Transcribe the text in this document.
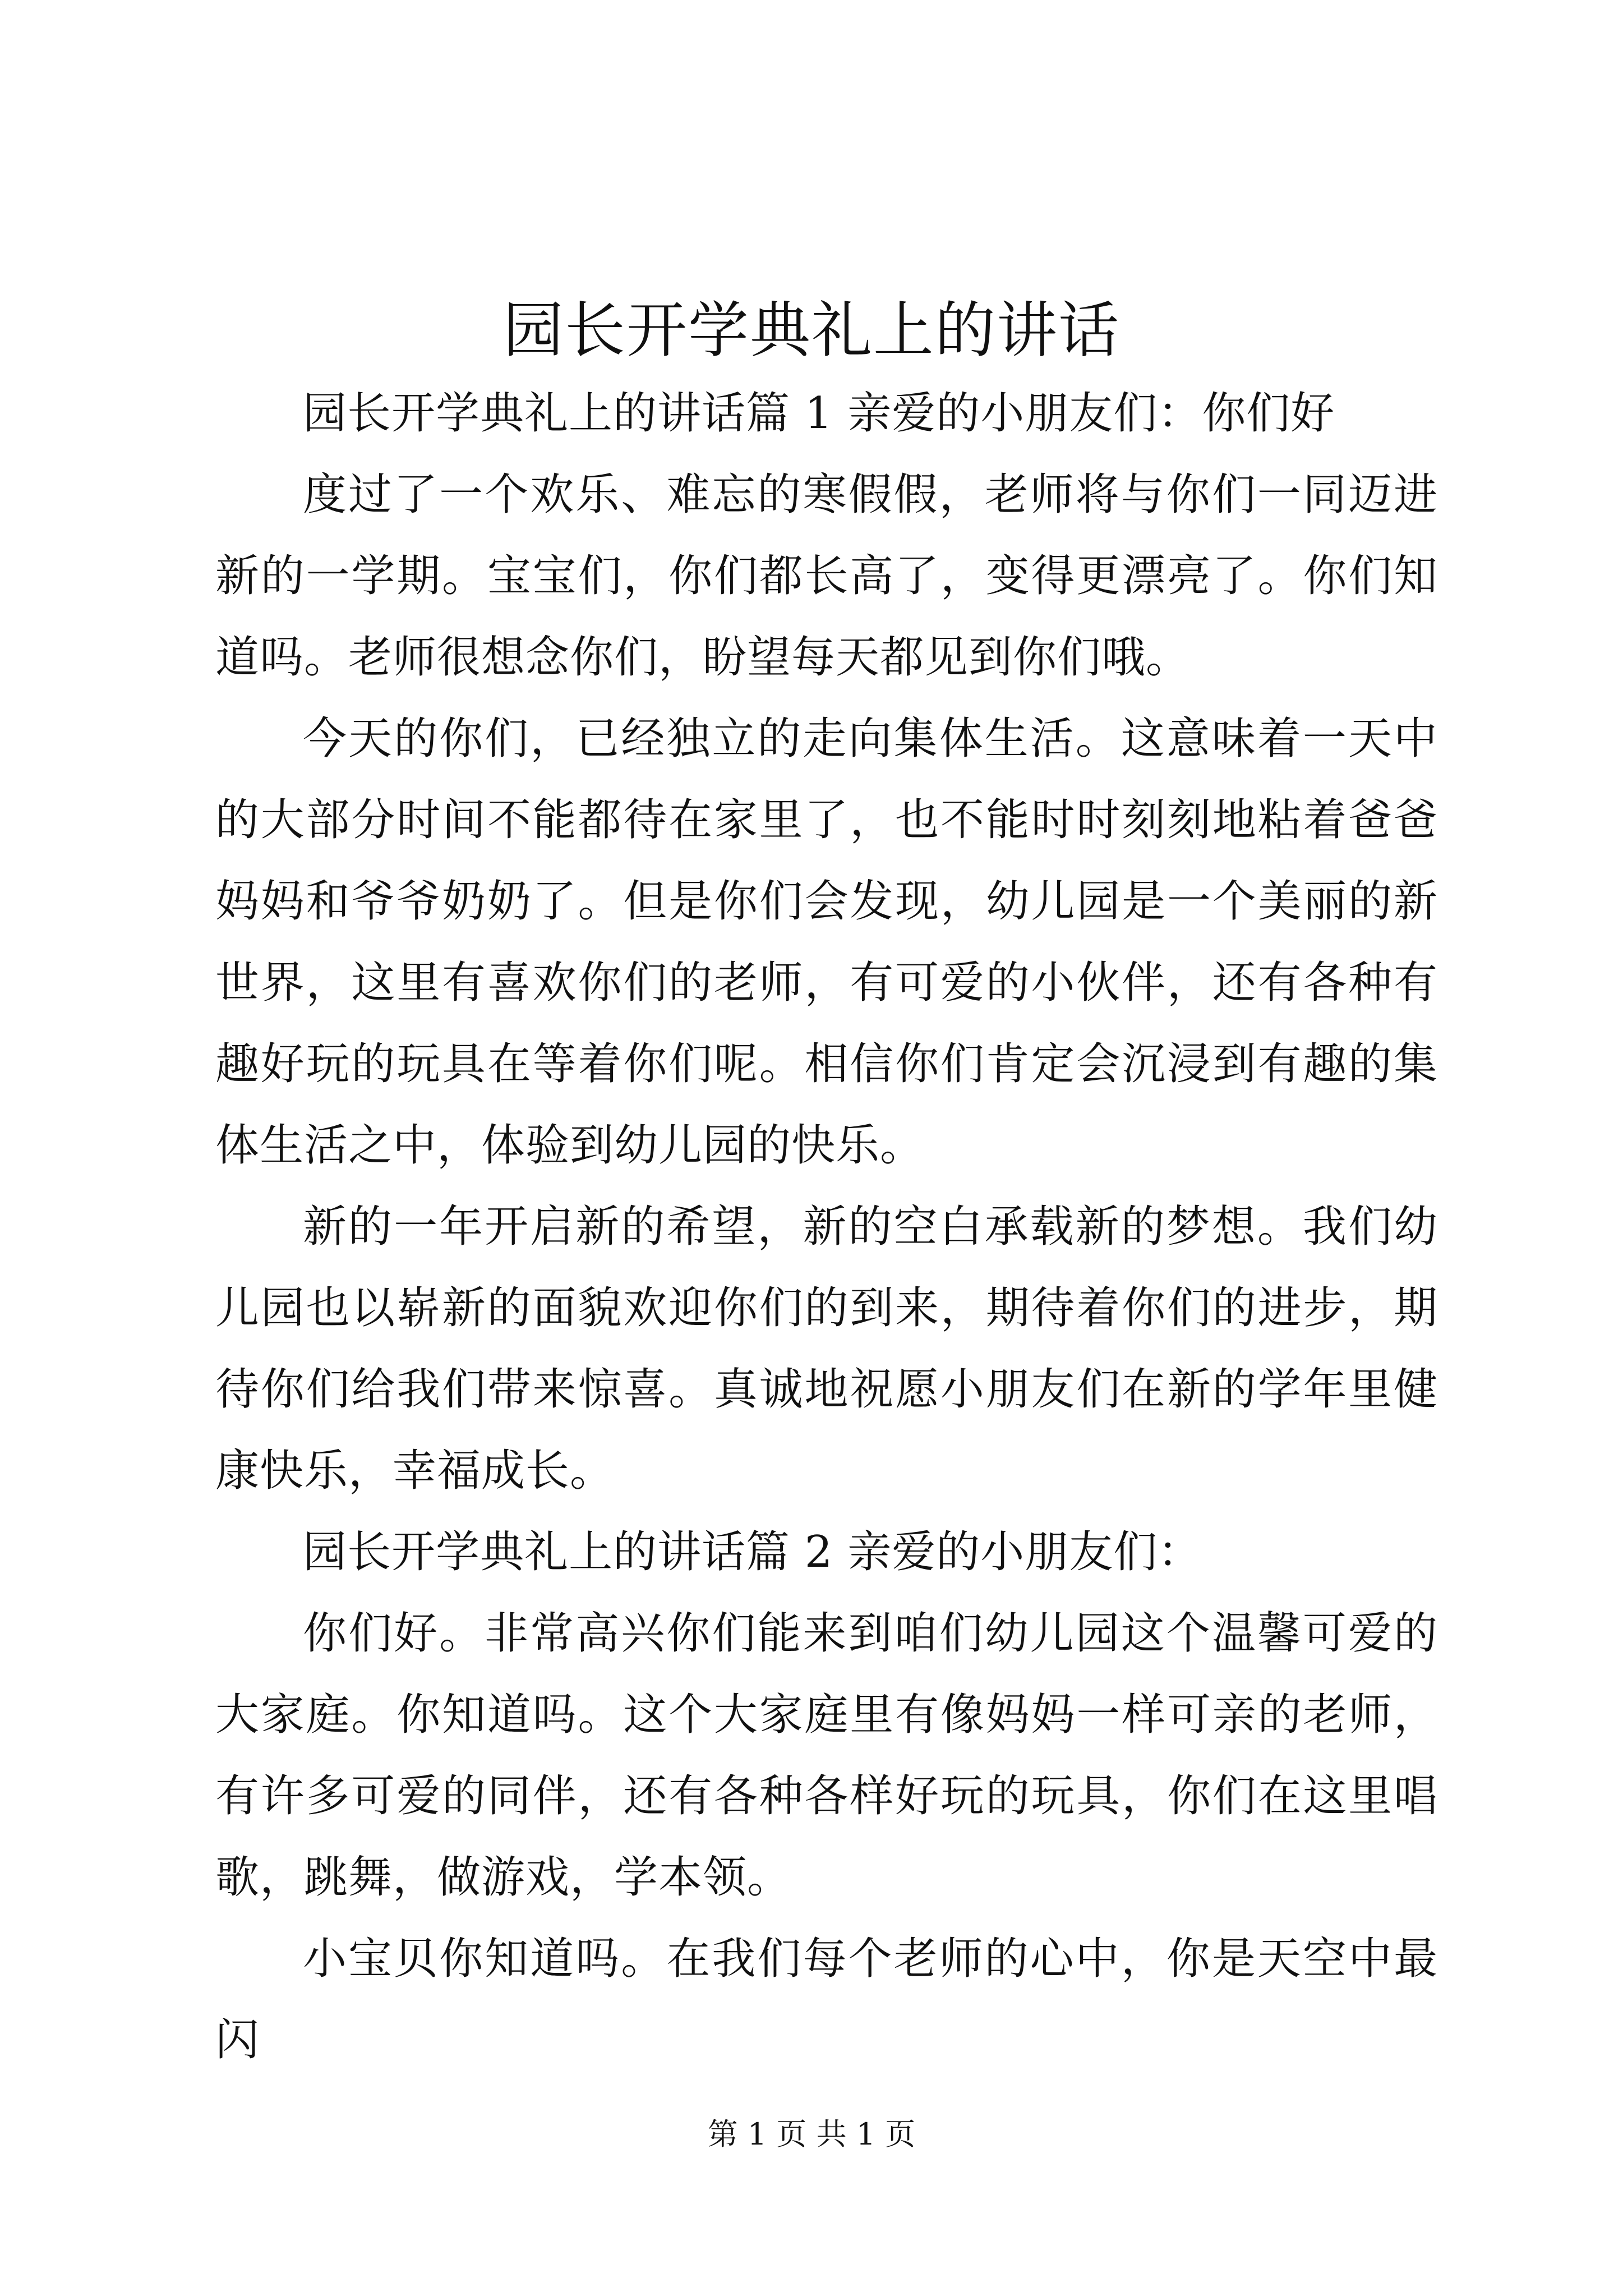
园长开学典礼上的讲话

园长开学典礼上的讲话篇 1 亲爱的小朋友们：你们好

度过了一个欢乐、难忘的寒假假，老师将与你们一同迈进新的一学期。宝宝们，你们都长高了，变得更漂亮了。你们知道吗。老师很想念你们，盼望每天都见到你们哦。

今天的你们，已经独立的走向集体生活。这意味着一天中的大部分时间不能都待在家里了，也不能时时刻刻地粘着爸爸妈妈和爷爷奶奶了。但是你们会发现，幼儿园是一个美丽的新世界，这里有喜欢你们的老师，有可爱的小伙伴，还有各种有趣好玩的玩具在等着你们呢。相信你们肯定会沉浸到有趣的集体生活之中，体验到幼儿园的快乐。

新的一年开启新的希望，新的空白承载新的梦想。我们幼儿园也以崭新的面貌欢迎你们的到来，期待着你们的进步，期待你们给我们带来惊喜。真诚地祝愿小朋友们在新的学年里健康快乐，幸福成长。

园长开学典礼上的讲话篇 2 亲爱的小朋友们：

你们好。非常高兴你们能来到咱们幼儿园这个温馨可爱的大家庭。你知道吗。这个大家庭里有像妈妈一样可亲的老师，有许多可爱的同伴，还有各种各样好玩的玩具，你们在这里唱歌，跳舞，做游戏，学本领。

小宝贝你知道吗。在我们每个老师的心中，你是天空中最闪

第 1 页 共 1 页
